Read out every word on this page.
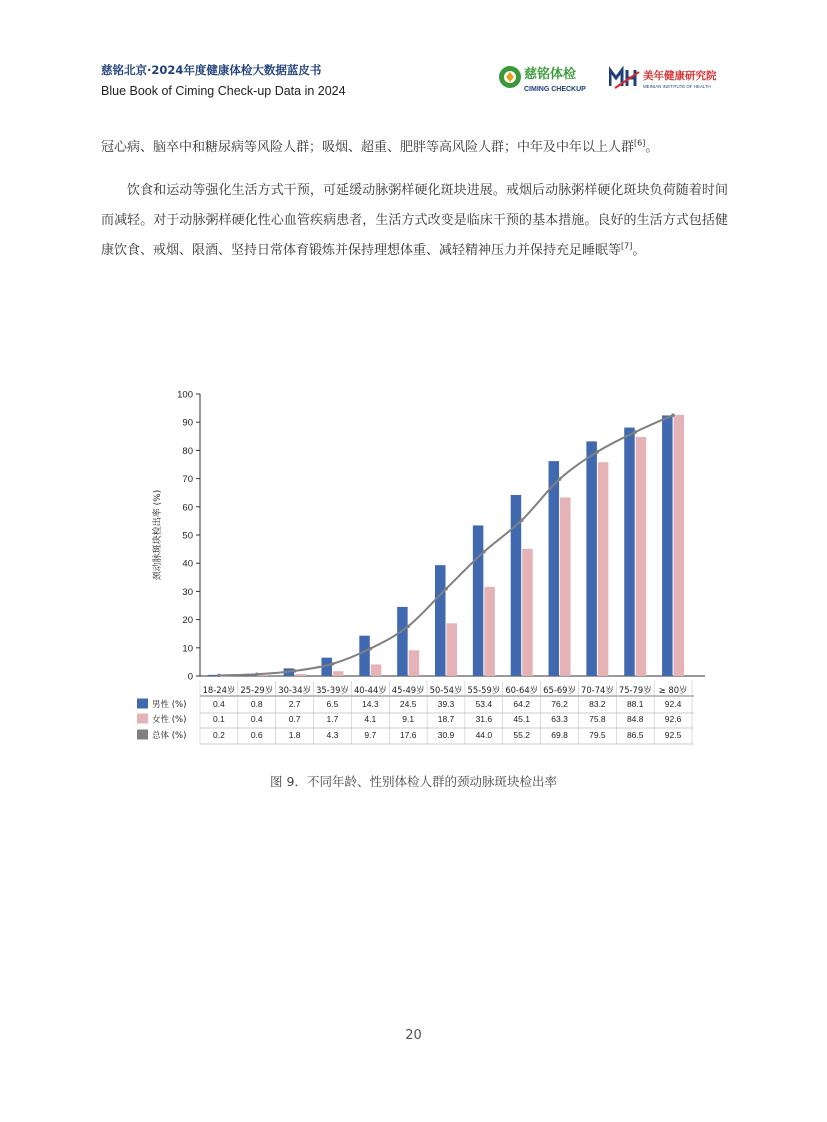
慈铭北京·2024年度健康体检大数据蓝皮书
Blue Book of Ciming Check-up Data in 2024
慈铭体检
CIMING CHECKUP
美年健康研究院
MEINIAN INSTITUTE OF HEALTH

冠心病、脑卒中和糖尿病等风险人群；吸烟、超重、肥胖等高风险人群；中年及中年以上人群[6]。

饮食和运动等强化生活方式干预，可延缓动脉粥样硬化斑块进展。戒烟后动脉粥样硬化斑块负荷随着时间而减轻。对于动脉粥样硬化性心血管疾病患者，生活方式改变是临床干预的基本措施。良好的生活方式包括健康饮食、戒烟、限酒、坚持日常体育锻炼并保持理想体重、减轻精神压力并保持充足睡眠等[7]。

0
10
20
30
40
50
60
70
80
90
100
颈动脉斑块检出率 (%)
18-24岁 25-29岁 30-34岁 35-39岁 40-44岁 45-49岁 50-54岁 55-59岁 60-64岁 65-69岁 70-74岁 75-79岁 ≥ 80岁
男性 (%)	0.4	0.8	2.7	6.5	14.3	24.5	39.3	53.4	64.2	76.2	83.2	88.1	92.4
女性 (%)	0.1	0.4	0.7	1.7	4.1	9.1	18.7	31.6	45.1	63.3	75.8	84.8	92.6
总体 (%)	0.2	0.6	1.8	4.3	9.7	17.6	30.9	44.0	55.2	69.8	79.5	86.5	92.5
图 9．不同年龄、性别体检人群的颈动脉斑块检出率
20
